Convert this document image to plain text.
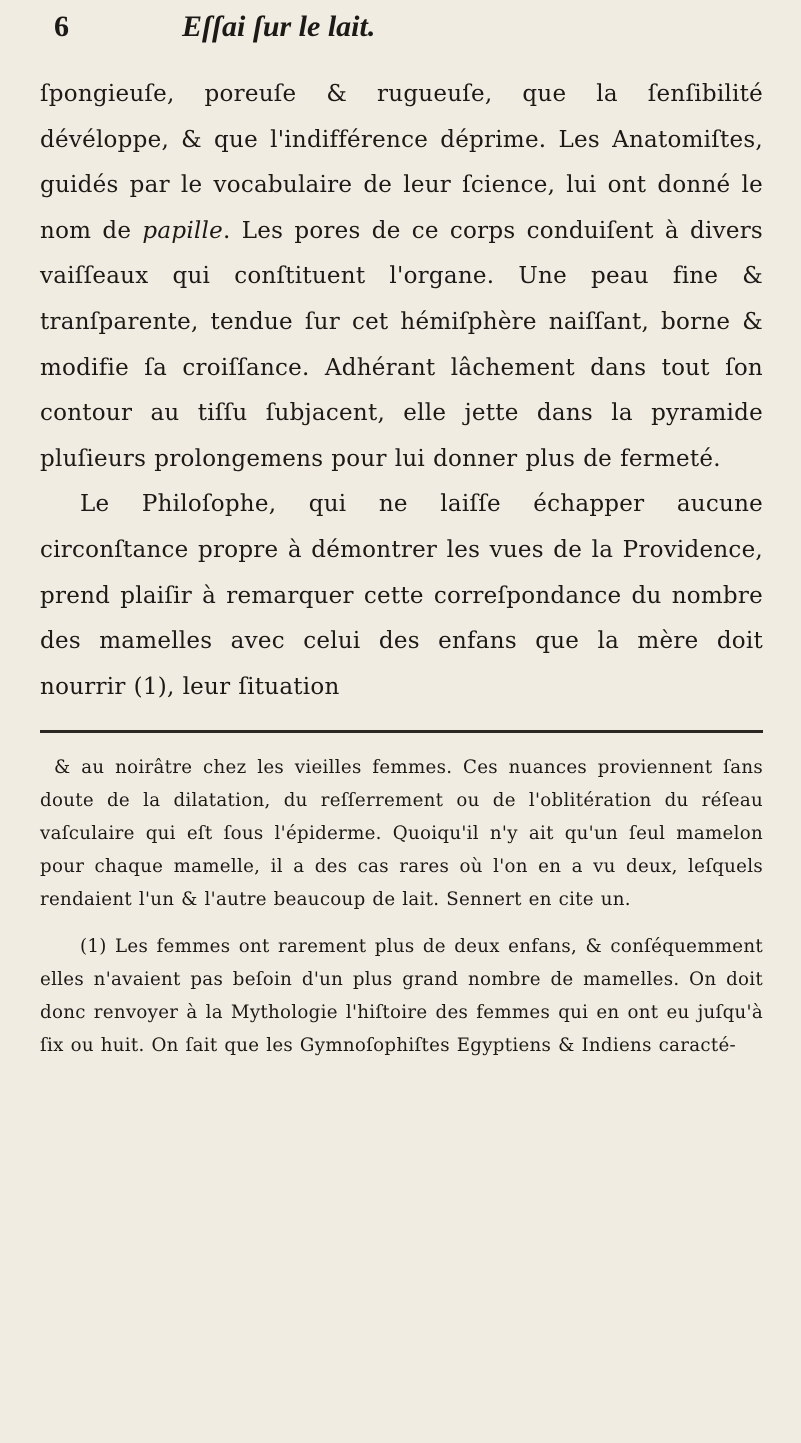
6	Eſſai ſur le lait.

ſpongieuſe, poreuſe & rugueuſe, que la ſenſibilité dévéloppe, & que l'indifférence déprime. Les Anatomiſtes, guidés par le vocabulaire de leur ſcience, lui ont donné le nom de papille. Les pores de ce corps conduiſent à divers vaiſſeaux qui conſtituent l'organe. Une peau fine & tranſparente, tendue ſur cet hémiſphère naiſſant, borne & modifie ſa croiſſance. Adhérant lâchement dans tout ſon contour au tiſſu ſubjacent, elle jette dans la pyramide pluſieurs prolongemens pour lui donner plus de fermeté.

Le Philoſophe, qui ne laiſſe échapper aucune circonſtance propre à démontrer les vues de la Providence, prend plaiſir à remarquer cette correſpondance du nombre des mamelles avec celui des enfans que la mère doit nourrir (1), leur ſituation

& au noirâtre chez les vieilles femmes. Ces nuances proviennent ſans doute de la dilatation, du reſſerrement ou de l'oblitération du réſeau vaſculaire qui eſt ſous l'épiderme. Quoiqu'il n'y ait qu'un ſeul mamelon pour chaque mamelle, il a des cas rares où l'on en a vu deux, leſquels rendaient l'un & l'autre beaucoup de lait. Sennert en cite un.

(1) Les femmes ont rarement plus de deux enfans, & conſéquemment elles n'avaient pas beſoin d'un plus grand nombre de mamelles. On doit donc renvoyer à la Mythologie l'hiſtoire des femmes qui en ont eu juſqu'à ſix ou huit. On ſait que les Gymnoſophiſtes Egyptiens & Indiens caracté-
